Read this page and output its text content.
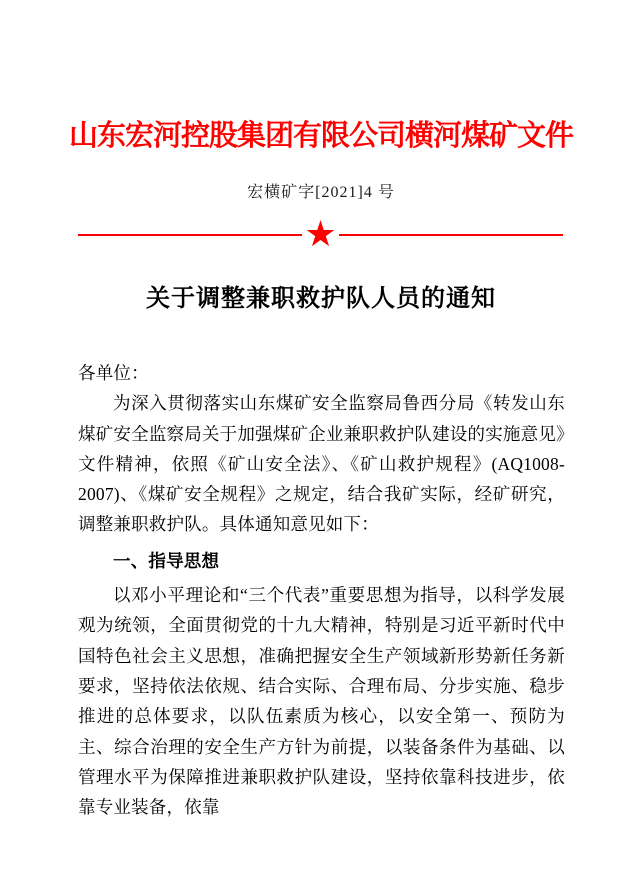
山东宏河控股集团有限公司横河煤矿文件
宏横矿字[2021]4 号
★
关于调整兼职救护队人员的通知

各单位：

为深入贯彻落实山东煤矿安全监察局鲁西分局《转发山东煤矿安全监察局关于加强煤矿企业兼职救护队建设的实施意见》文件精神，依照《矿山安全法》、《矿山救护规程》(AQ1008-2007)、《煤矿安全规程》之规定，结合我矿实际，经矿研究，调整兼职救护队。具体通知意见如下：

一、指导思想

以邓小平理论和“三个代表”重要思想为指导，以科学发展观为统领，全面贯彻党的十九大精神，特别是习近平新时代中国特色社会主义思想，准确把握安全生产领域新形势新任务新要求，坚持依法依规、结合实际、合理布局、分步实施、稳步推进的总体要求，以队伍素质为核心，以安全第一、预防为主、综合治理的安全生产方针为前提，以装备条件为基础、以管理水平为保障推进兼职救护队建设，坚持依靠科技进步，依靠专业装备，依靠
